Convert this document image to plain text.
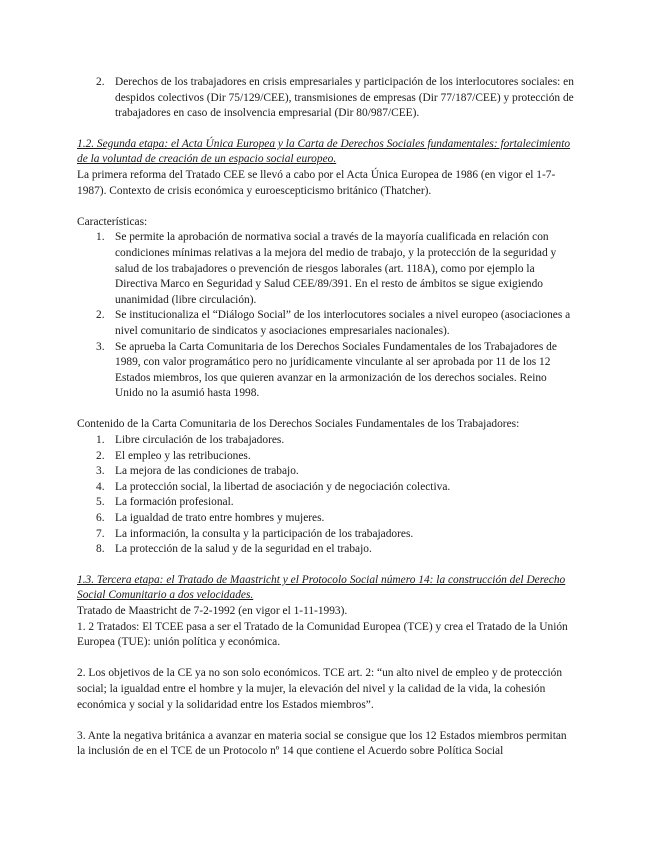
2. Derechos de los trabajadores en crisis empresariales y participación de los interlocutores sociales: en despidos colectivos (Dir 75/129/CEE), transmisiones de empresas (Dir 77/187/CEE) y protección de trabajadores en caso de insolvencia empresarial (Dir 80/987/CEE).

1.2. Segunda etapa: el Acta Única Europea y la Carta de Derechos Sociales fundamentales: fortalecimiento de la voluntad de creación de un espacio social europeo.

La primera reforma del Tratado CEE se llevó a cabo por el Acta Única Europea de 1986 (en vigor el 1-7-1987). Contexto de crisis económica y euroescepticismo británico (Thatcher).

Características:

1. Se permite la aprobación de normativa social a través de la mayoría cualificada en relación con condiciones mínimas relativas a la mejora del medio de trabajo, y la protección de la seguridad y salud de los trabajadores o prevención de riesgos laborales (art. 118A), como por ejemplo la Directiva Marco en Seguridad y Salud CEE/89/391. En el resto de ámbitos se sigue exigiendo unanimidad (libre circulación).
2. Se institucionaliza el “Diálogo Social” de los interlocutores sociales a nivel europeo (asociaciones a nivel comunitario de sindicatos y asociaciones empresariales nacionales).
3. Se aprueba la Carta Comunitaria de los Derechos Sociales Fundamentales de los Trabajadores de 1989, con valor programático pero no jurídicamente vinculante al ser aprobada por 11 de los 12 Estados miembros, los que quieren avanzar en la armonización de los derechos sociales. Reino Unido no la asumió hasta 1998.

Contenido de la Carta Comunitaria de los Derechos Sociales Fundamentales de los Trabajadores:

1. Libre circulación de los trabajadores.
2. El empleo y las retribuciones.
3. La mejora de las condiciones de trabajo.
4. La protección social, la libertad de asociación y de negociación colectiva.
5. La formación profesional.
6. La igualdad de trato entre hombres y mujeres.
7. La información, la consulta y la participación de los trabajadores.
8. La protección de la salud y de la seguridad en el trabajo.

1.3. Tercera etapa: el Tratado de Maastricht y el Protocolo Social número 14: la construcción del Derecho Social Comunitario a dos velocidades.

Tratado de Maastricht de 7-2-1992 (en vigor el 1-11-1993).

1. 2 Tratados: El TCEE pasa a ser el Tratado de la Comunidad Europea (TCE) y crea el Tratado de la Unión Europea (TUE): unión política y económica.

2. Los objetivos de la CE ya no son solo económicos. TCE art. 2: “un alto nivel de empleo y de protección social; la igualdad entre el hombre y la mujer, la elevación del nivel y la calidad de la vida, la cohesión económica y social y la solidaridad entre los Estados miembros”.

3. Ante la negativa británica a avanzar en materia social se consigue que los 12 Estados miembros permitan la inclusión de en el TCE de un Protocolo nº 14 que contiene el Acuerdo sobre Política Social
